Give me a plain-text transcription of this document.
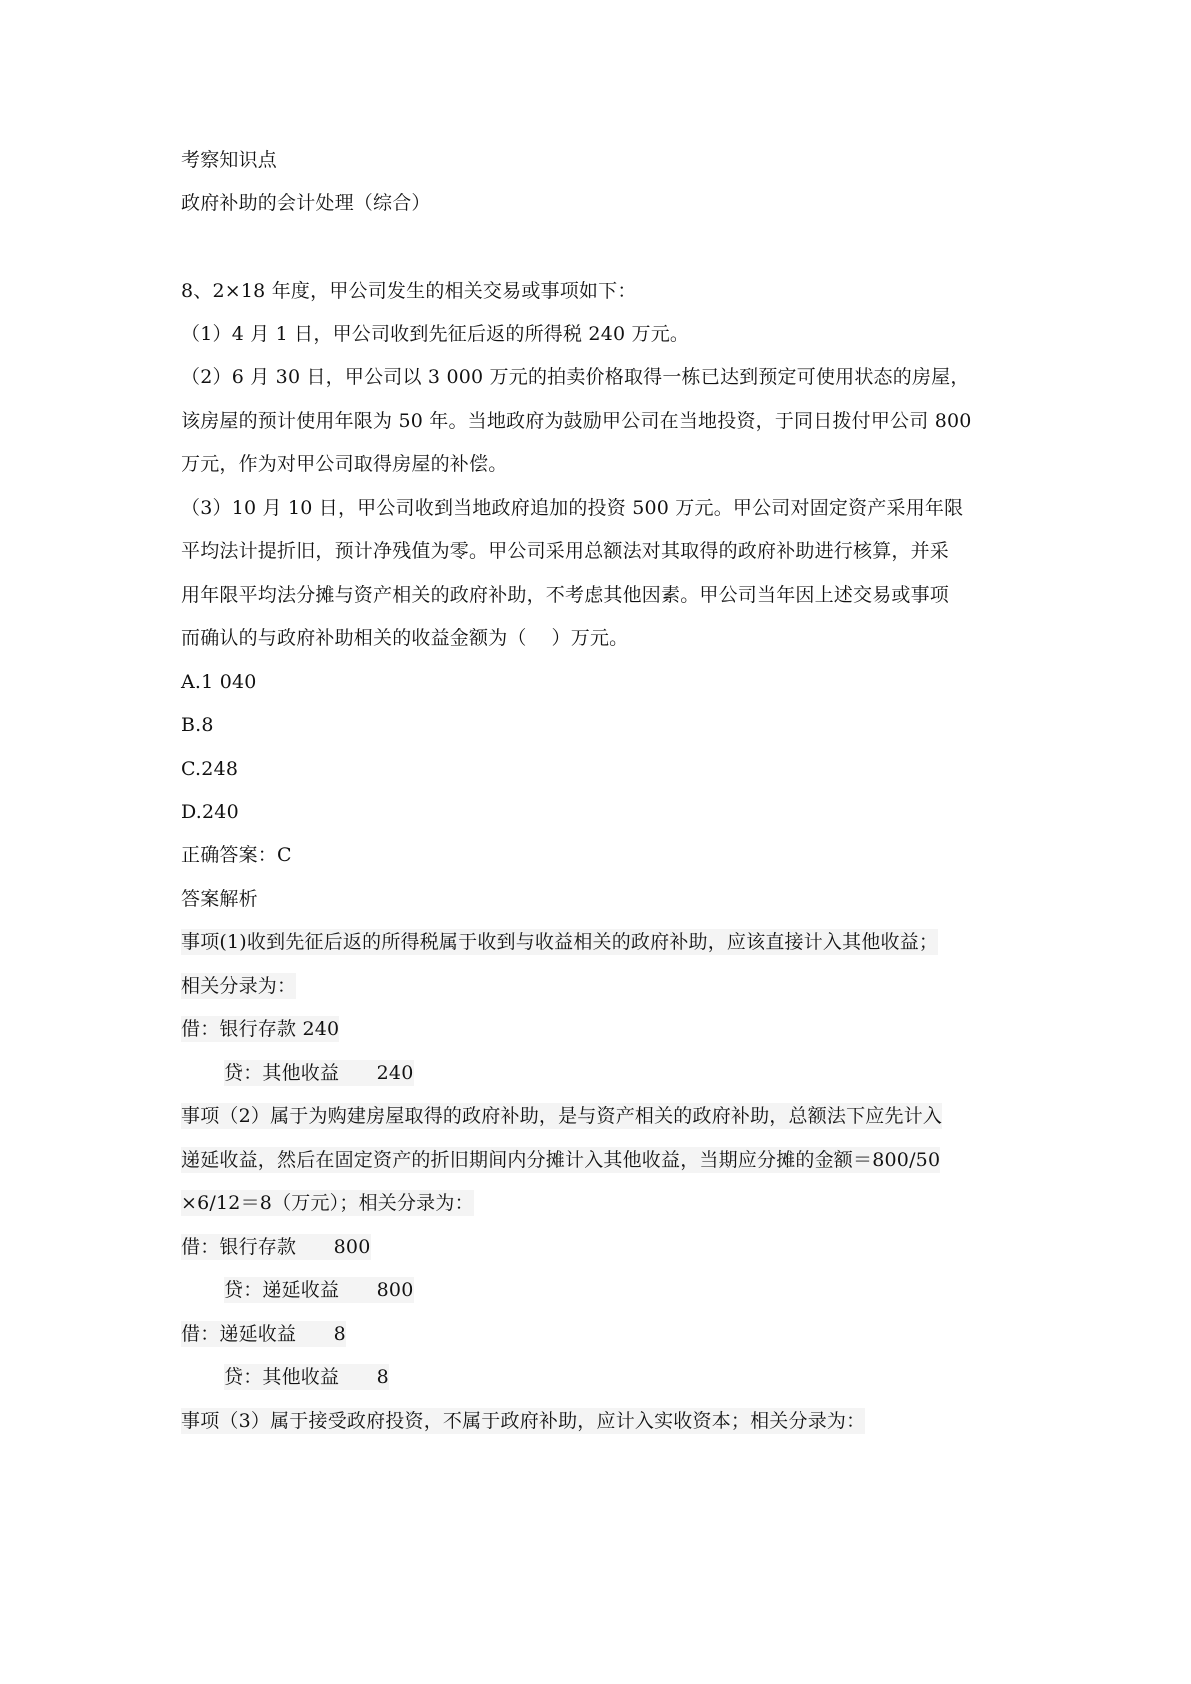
考察知识点
政府补助的会计处理（综合）
8、2×18 年度，甲公司发生的相关交易或事项如下：
（1）4 月 1 日，甲公司收到先征后返的所得税 240 万元。
（2）6 月 30 日，甲公司以 3 000 万元的拍卖价格取得一栋已达到预定可使用状态的房屋，
该房屋的预计使用年限为 50 年。当地政府为鼓励甲公司在当地投资，于同日拨付甲公司 800
万元，作为对甲公司取得房屋的补偿。
（3）10 月 10 日，甲公司收到当地政府追加的投资 500 万元。甲公司对固定资产采用年限
平均法计提折旧，预计净残值为零。甲公司采用总额法对其取得的政府补助进行核算，并采
用年限平均法分摊与资产相关的政府补助，不考虑其他因素。甲公司当年因上述交易或事项
而确认的与政府补助相关的收益金额为（    ）万元。
A.1 040
B.8
C.248
D.240
正确答案：C
答案解析
事项(1)收到先征后返的所得税属于收到与收益相关的政府补助，应该直接计入其他收益；
相关分录为：
借：银行存款 240
贷：其他收益      240
事项（2）属于为购建房屋取得的政府补助，是与资产相关的政府补助，总额法下应先计入
递延收益，然后在固定资产的折旧期间内分摊计入其他收益，当期应分摊的金额＝800/50
×6/12＝8（万元）；相关分录为：
借：银行存款      800
贷：递延收益      800
借：递延收益      8
贷：其他收益      8
事项（3）属于接受政府投资，不属于政府补助，应计入实收资本；相关分录为：
